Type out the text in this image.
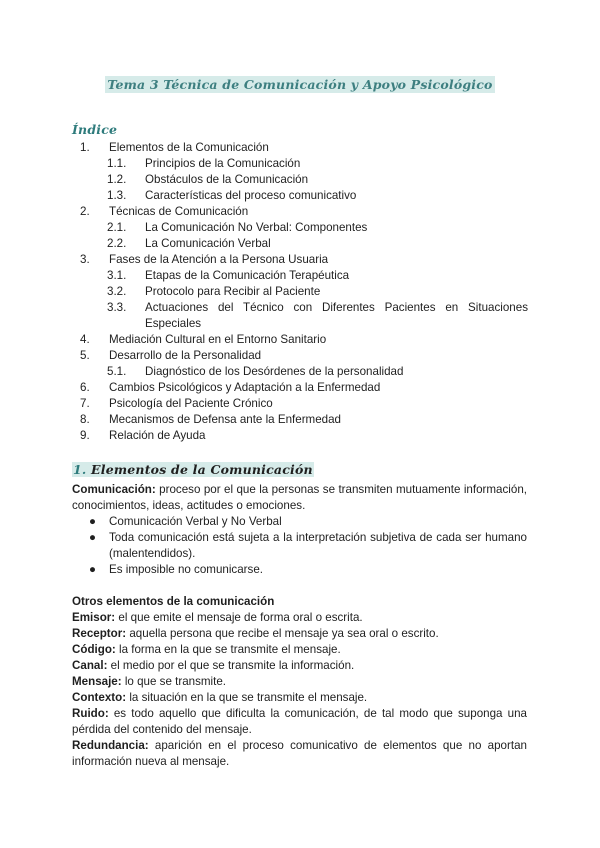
Tema 3 Técnica de Comunicación y Apoyo Psicológico
Índice
1. Elementos de la Comunicación
1.1. Principios de la Comunicación
1.2. Obstáculos de la Comunicación
1.3. Características del proceso comunicativo
2. Técnicas de Comunicación
2.1. La Comunicación No Verbal: Componentes
2.2. La Comunicación Verbal
3. Fases de la Atención a la Persona Usuaria
3.1. Etapas de la Comunicación Terapéutica
3.2. Protocolo para Recibir al Paciente
3.3. Actuaciones del Técnico con Diferentes Pacientes en Situaciones
Especiales
4. Mediación Cultural en el Entorno Sanitario
5. Desarrollo de la Personalidad
5.1. Diagnóstico de los Desórdenes de la personalidad
6. Cambios Psicológicos y Adaptación a la Enfermedad
7. Psicología del Paciente Crónico
8. Mecanismos de Defensa ante la Enfermedad
9. Relación de Ayuda
1. Elementos de la Comunicación
Comunicación: proceso por el que la personas se transmiten mutuamente información, conocimientos, ideas, actitudes o emociones.
● Comunicación Verbal y No Verbal
● Toda comunicación está sujeta a la interpretación subjetiva de cada ser humano (malentendidos).
● Es imposible no comunicarse.
Otros elementos de la comunicación
Emisor: el que emite el mensaje de forma oral o escrita.
Receptor: aquella persona que recibe el mensaje ya sea oral o escrito.
Código: la forma en la que se transmite el mensaje.
Canal: el medio por el que se transmite la información.
Mensaje: lo que se transmite.
Contexto: la situación en la que se transmite el mensaje.
Ruido: es todo aquello que dificulta la comunicación, de tal modo que suponga una pérdida del contenido del mensaje.
Redundancia: aparición en el proceso comunicativo de elementos que no aportan información nueva al mensaje.
